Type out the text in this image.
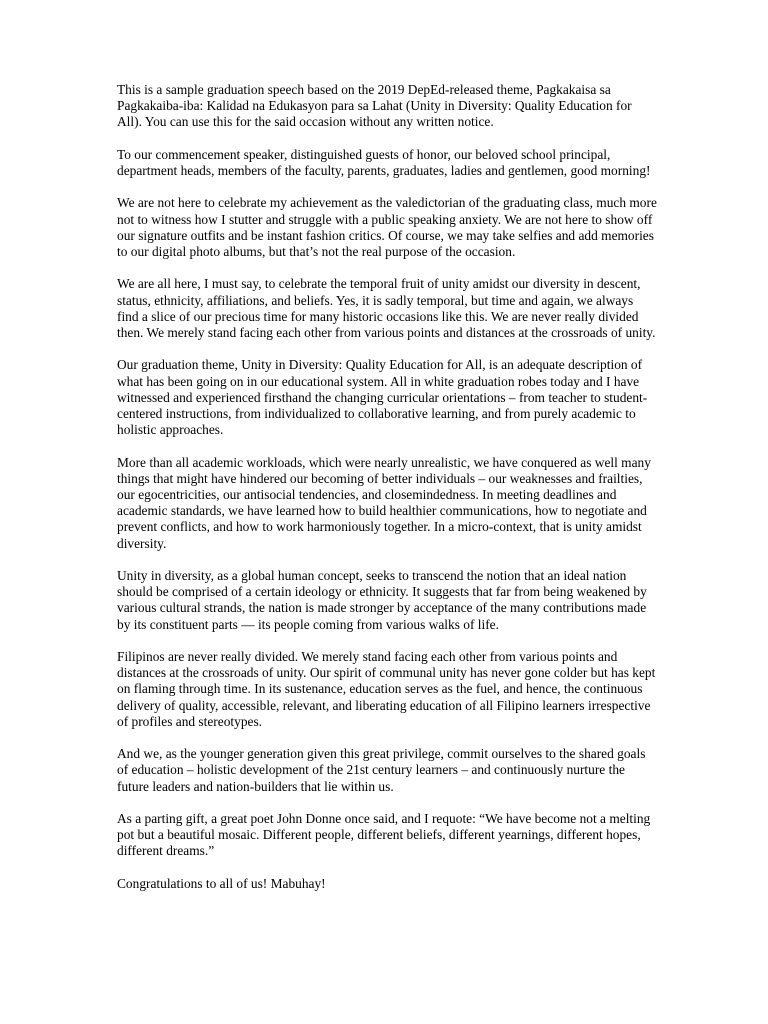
This is a sample graduation speech based on the 2019 DepEd-released theme, Pagkakaisa sa Pagkakaiba-iba: Kalidad na Edukasyon para sa Lahat (Unity in Diversity: Quality Education for All). You can use this for the said occasion without any written notice.

To our commencement speaker, distinguished guests of honor, our beloved school principal, department heads, members of the faculty, parents, graduates, ladies and gentlemen, good morning!

We are not here to celebrate my achievement as the valedictorian of the graduating class, much more not to witness how I stutter and struggle with a public speaking anxiety. We are not here to show off our signature outfits and be instant fashion critics. Of course, we may take selfies and add memories to our digital photo albums, but that’s not the real purpose of the occasion.

We are all here, I must say, to celebrate the temporal fruit of unity amidst our diversity in descent, status, ethnicity, affiliations, and beliefs. Yes, it is sadly temporal, but time and again, we always find a slice of our precious time for many historic occasions like this. We are never really divided then. We merely stand facing each other from various points and distances at the crossroads of unity.

Our graduation theme, Unity in Diversity: Quality Education for All, is an adequate description of what has been going on in our educational system. All in white graduation robes today and I have witnessed and experienced firsthand the changing curricular orientations – from teacher to student-centered instructions, from individualized to collaborative learning, and from purely academic to holistic approaches.

More than all academic workloads, which were nearly unrealistic, we have conquered as well many things that might have hindered our becoming of better individuals – our weaknesses and frailties, our egocentricities, our antisocial tendencies, and closemindedness. In meeting deadlines and academic standards, we have learned how to build healthier communications, how to negotiate and prevent conflicts, and how to work harmoniously together. In a micro-context, that is unity amidst diversity.

Unity in diversity, as a global human concept, seeks to transcend the notion that an ideal nation should be comprised of a certain ideology or ethnicity. It suggests that far from being weakened by various cultural strands, the nation is made stronger by acceptance of the many contributions made by its constituent parts — its people coming from various walks of life.

Filipinos are never really divided. We merely stand facing each other from various points and distances at the crossroads of unity. Our spirit of communal unity has never gone colder but has kept on flaming through time. In its sustenance, education serves as the fuel, and hence, the continuous delivery of quality, accessible, relevant, and liberating education of all Filipino learners irrespective of profiles and stereotypes.

And we, as the younger generation given this great privilege, commit ourselves to the shared goals of education – holistic development of the 21st century learners – and continuously nurture the future leaders and nation-builders that lie within us.

As a parting gift, a great poet John Donne once said, and I requote: “We have become not a melting pot but a beautiful mosaic. Different people, different beliefs, different yearnings, different hopes, different dreams.”

Congratulations to all of us! Mabuhay!
